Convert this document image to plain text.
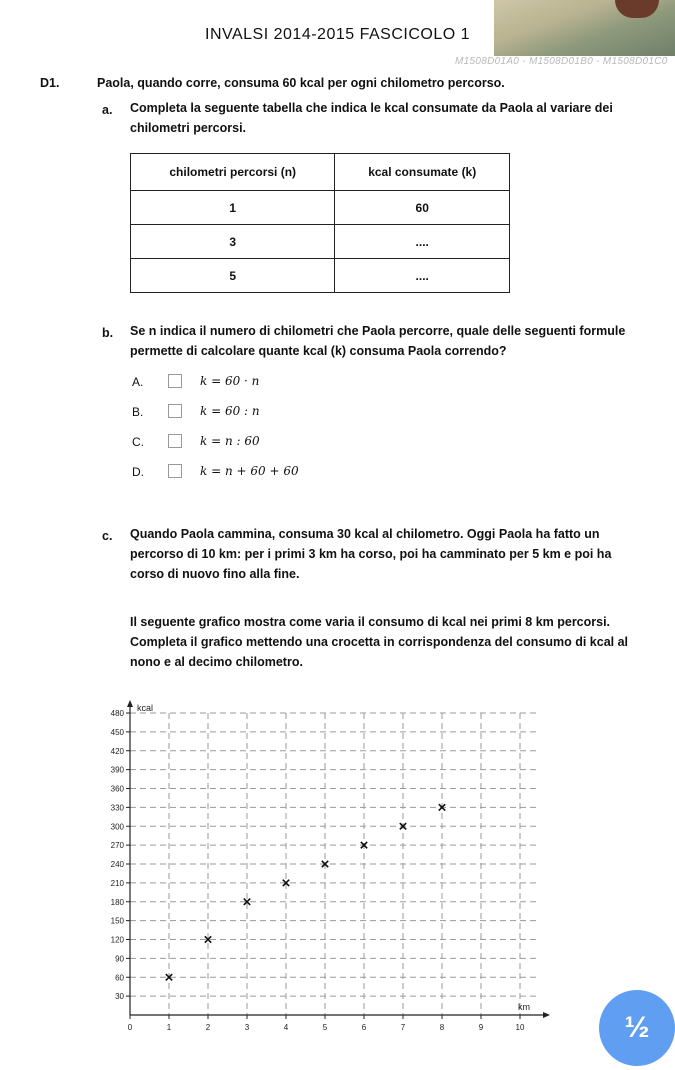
INVALSI 2014-2015 FASCICOLO 1
M1508D01A0 - M1508D01B0 - M1508D01C0
D1.	Paola, quando corre, consuma 60 kcal per ogni chilometro percorso.
a. Completa la seguente tabella che indica le kcal consumate da Paola al variare dei
chilometri percorsi.
chilometri percorsi (n)	kcal consumate (k)
1	60
3	....
5	....
b. Se n indica il numero di chilometri che Paola percorre, quale delle seguenti formule
permette di calcolare quante kcal (k) consuma Paola correndo?
A.	k = 60 · n
B.	k = 60 : n
C.	k = n : 60
D.	k = n + 60 + 60
c. Quando Paola cammina, consuma 30 kcal al chilometro. Oggi Paola ha fatto un
percorso di 10 km: per i primi 3 km ha corso, poi ha camminato per 5 km e poi ha
corso di nuovo fino alla fine.
Il seguente grafico mostra come varia il consumo di kcal nei primi 8 km percorsi.
Completa il grafico mettendo una crocetta in corrispondenza del consumo di kcal al
nono e al decimo chilometro.
30
60
90
120
150
180
210
240
270
300
330
360
390
420
450
480
0	1	2	3	4	5	6	7	8	9	10
kcal
km
½
